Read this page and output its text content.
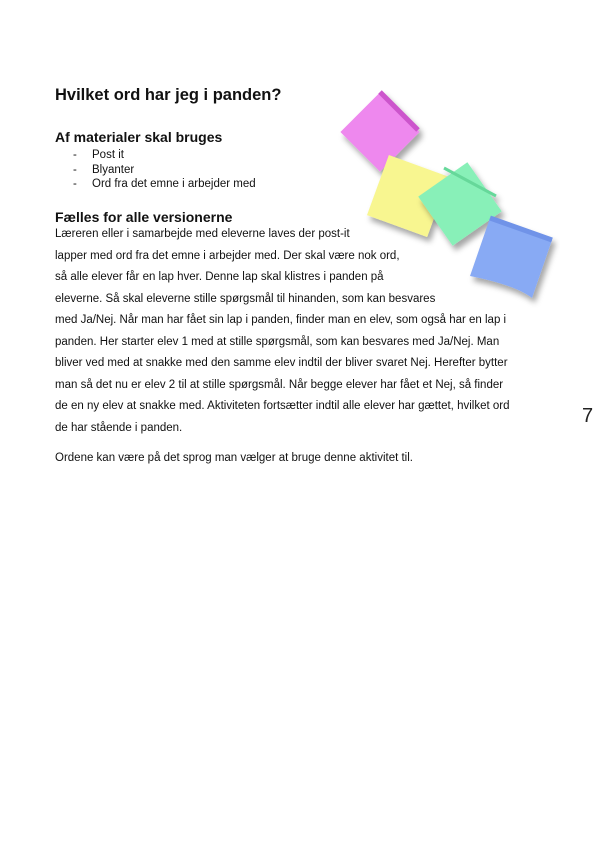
Hvilket ord har jeg i panden?
Af materialer skal bruges
- Post it
- Blyanter
- Ord fra det emne i arbejder med
Fælles for alle versionerne

Læreren eller i samarbejde med eleverne laves der post-it
lapper med ord fra det emne i arbejder med. Der skal være nok ord,
så alle elever får en lap hver. Denne lap skal klistres i panden på
eleverne. Så skal eleverne stille spørgsmål til hinanden, som kan besvares
med Ja/Nej. Når man har fået sin lap i panden, finder man en elev, som også har en lap i
panden. Her starter elev 1 med at stille spørgsmål, som kan besvares med Ja/Nej. Man
bliver ved med at snakke med den samme elev indtil der bliver svaret Nej. Herefter bytter
man så det nu er elev 2 til at stille spørgsmål. Når begge elever har fået et Nej, så finder
de en ny elev at snakke med. Aktiviteten fortsætter indtil alle elever har gættet, hvilket ord
de har stående i panden.

Ordene kan være på det sprog man vælger at bruge denne aktivitet til.

7
